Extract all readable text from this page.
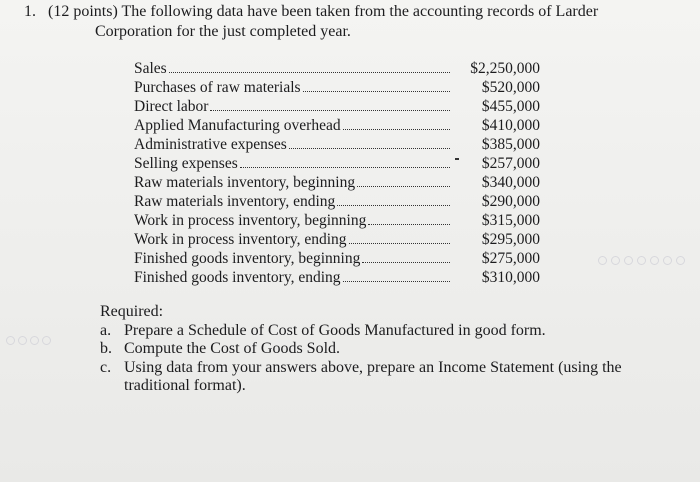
1. (12 points) The following data have been taken from the accounting records of Larder
Corporation for the just completed year.
Sales	$2,250,000
Purchases of raw materials	$520,000
Direct labor	$455,000
Applied Manufacturing overhead	$410,000
Administrative expenses	$385,000
Selling expenses	$257,000
Raw materials inventory, beginning	$340,000
Raw materials inventory, ending	$290,000
Work in process inventory, beginning	$315,000
Work in process inventory, ending	$295,000
Finished goods inventory, beginning	$275,000
Finished goods inventory, ending	$310,000
Required:
a. Prepare a Schedule of Cost of Goods Manufactured in good form.
b. Compute the Cost of Goods Sold.
c. Using data from your answers above, prepare an Income Statement (using the traditional format).
